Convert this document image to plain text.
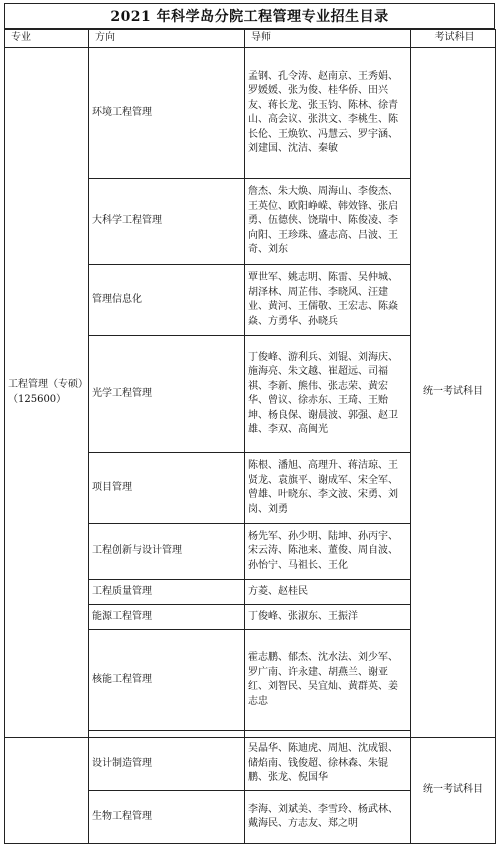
2021 年科学岛分院工程管理专业招生目录
专业	方向	导师	考试科目
工程管理（专硕）（125600）	环境工程管理	孟钢、孔令涛、赵南京、王秀娟、罗媛媛、张为俊、桂华侨、田兴友、蒋长龙、张玉钧、陈林、徐青山、高会议、张洪文、李桃生、陈长伦、王焕钦、冯慧云、罗宇涵、刘建国、沈洁、秦敏	统一考试科目
	大科学工程管理	詹杰、朱大焕、周海山、李俊杰、王英位、欧阳峥嵘、韩效锋、张启勇、伍德侠、饶瑞中、陈俊凌、李向阳、王珍珠、盛志高、吕波、王奇、刘东	
	管理信息化	覃世军、姚志明、陈雷、吴仲城、胡泽林、周芷伟、李晓风、汪建业、黄河、王儒敬、王宏志、陈焱焱、方勇华、孙晓兵	
	光学工程管理	丁俊峰、游利兵、刘锟、刘海庆、施海亮、朱文越、崔超远、司福祺、李新、熊伟、张志荣、黄宏华、曾议、徐赤东、王琦、王贻坤、杨良保、谢晨波、郭强、赵卫雄、李双、高闽光	
	项目管理	陈根、潘旭、高理升、蒋洁琼、王贤龙、袁旗平、谢成军、宋全军、曾雄、叶晓东、李文波、宋勇、刘岗、刘勇	
	工程创新与设计管理	杨先军、孙少明、陆坤、孙丙宇、宋云涛、陈池来、董俊、周自波、孙怡宁、马祖长、王化	
	工程质量管理	方菱、赵桂民	
	能源工程管理	丁俊峰、张淑东、王振洋	
	核能工程管理	霍志鹏、郁杰、沈水法、刘少军、罗广南、许永建、胡燕兰、谢亚红、刘智民、吴宜灿、黄群英、姜志忠	

	设计制造管理	吴晶华、陈迪虎、周旭、沈成银、储焰南、钱俊超、徐林森、朱锟鹏、张龙、倪国华	统一考试科目
	生物工程管理	李海、刘斌美、李雪玲、杨武林、戴海民、方志友、郑之明	
